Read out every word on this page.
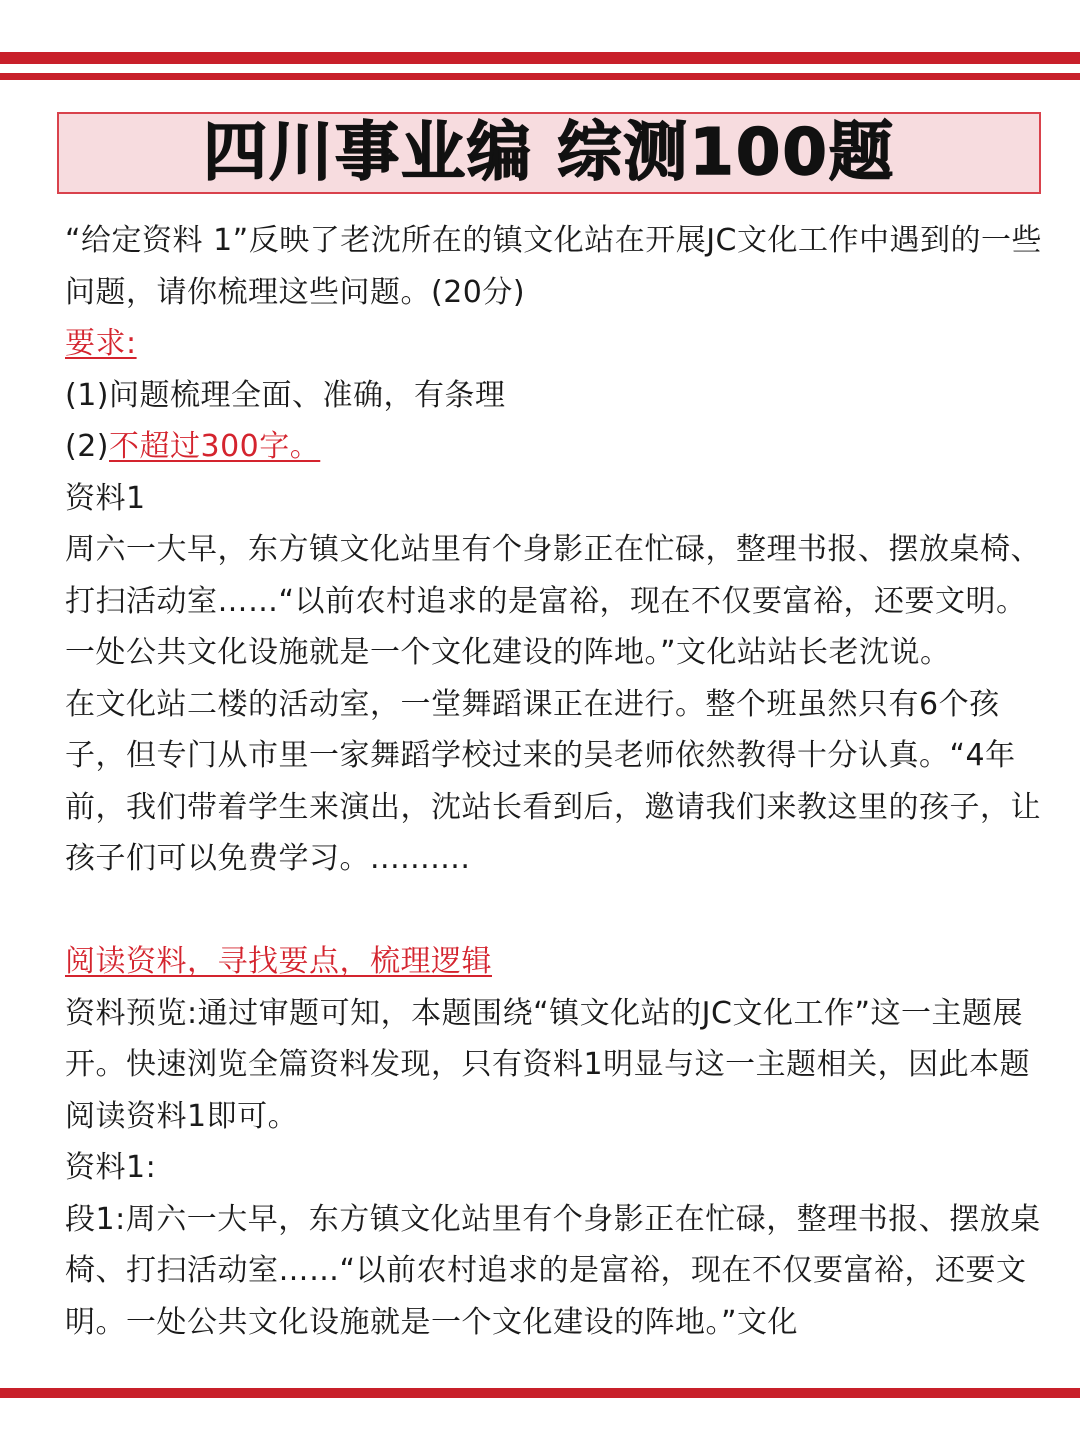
四川事业编 综测100题

“给定资料 1”反映了老沈所在的镇文化站在开展JC文化工作中遇到的一些问题，请你梳理这些问题。(20分)

要求:

(1)问题梳理全面、准确，有条理

(2)不超过300字。

资料1

周六一大早，东方镇文化站里有个身影正在忙碌，整理书报、摆放桌椅、打扫活动室……“以前农村追求的是富裕，现在不仅要富裕，还要文明。一处公共文化设施就是一个文化建设的阵地。”文化站站长老沈说。

在文化站二楼的活动室，一堂舞蹈课正在进行。整个班虽然只有6个孩子，但专门从市里一家舞蹈学校过来的吴老师依然教得十分认真。“4年前，我们带着学生来演出，沈站长看到后，邀请我们来教这里的孩子，让孩子们可以免费学习。..........

阅读资料，寻找要点，梳理逻辑

资料预览:通过审题可知，本题围绕“镇文化站的JC文化工作”这一主题展开。快速浏览全篇资料发现，只有资料1明显与这一主题相关，因此本题阅读资料1即可。

资料1:

段1:周六一大早，东方镇文化站里有个身影正在忙碌，整理书报、摆放桌椅、打扫活动室……“以前农村追求的是富裕，现在不仅要富裕，还要文明。一处公共文化设施就是一个文化建设的阵地。”文化
